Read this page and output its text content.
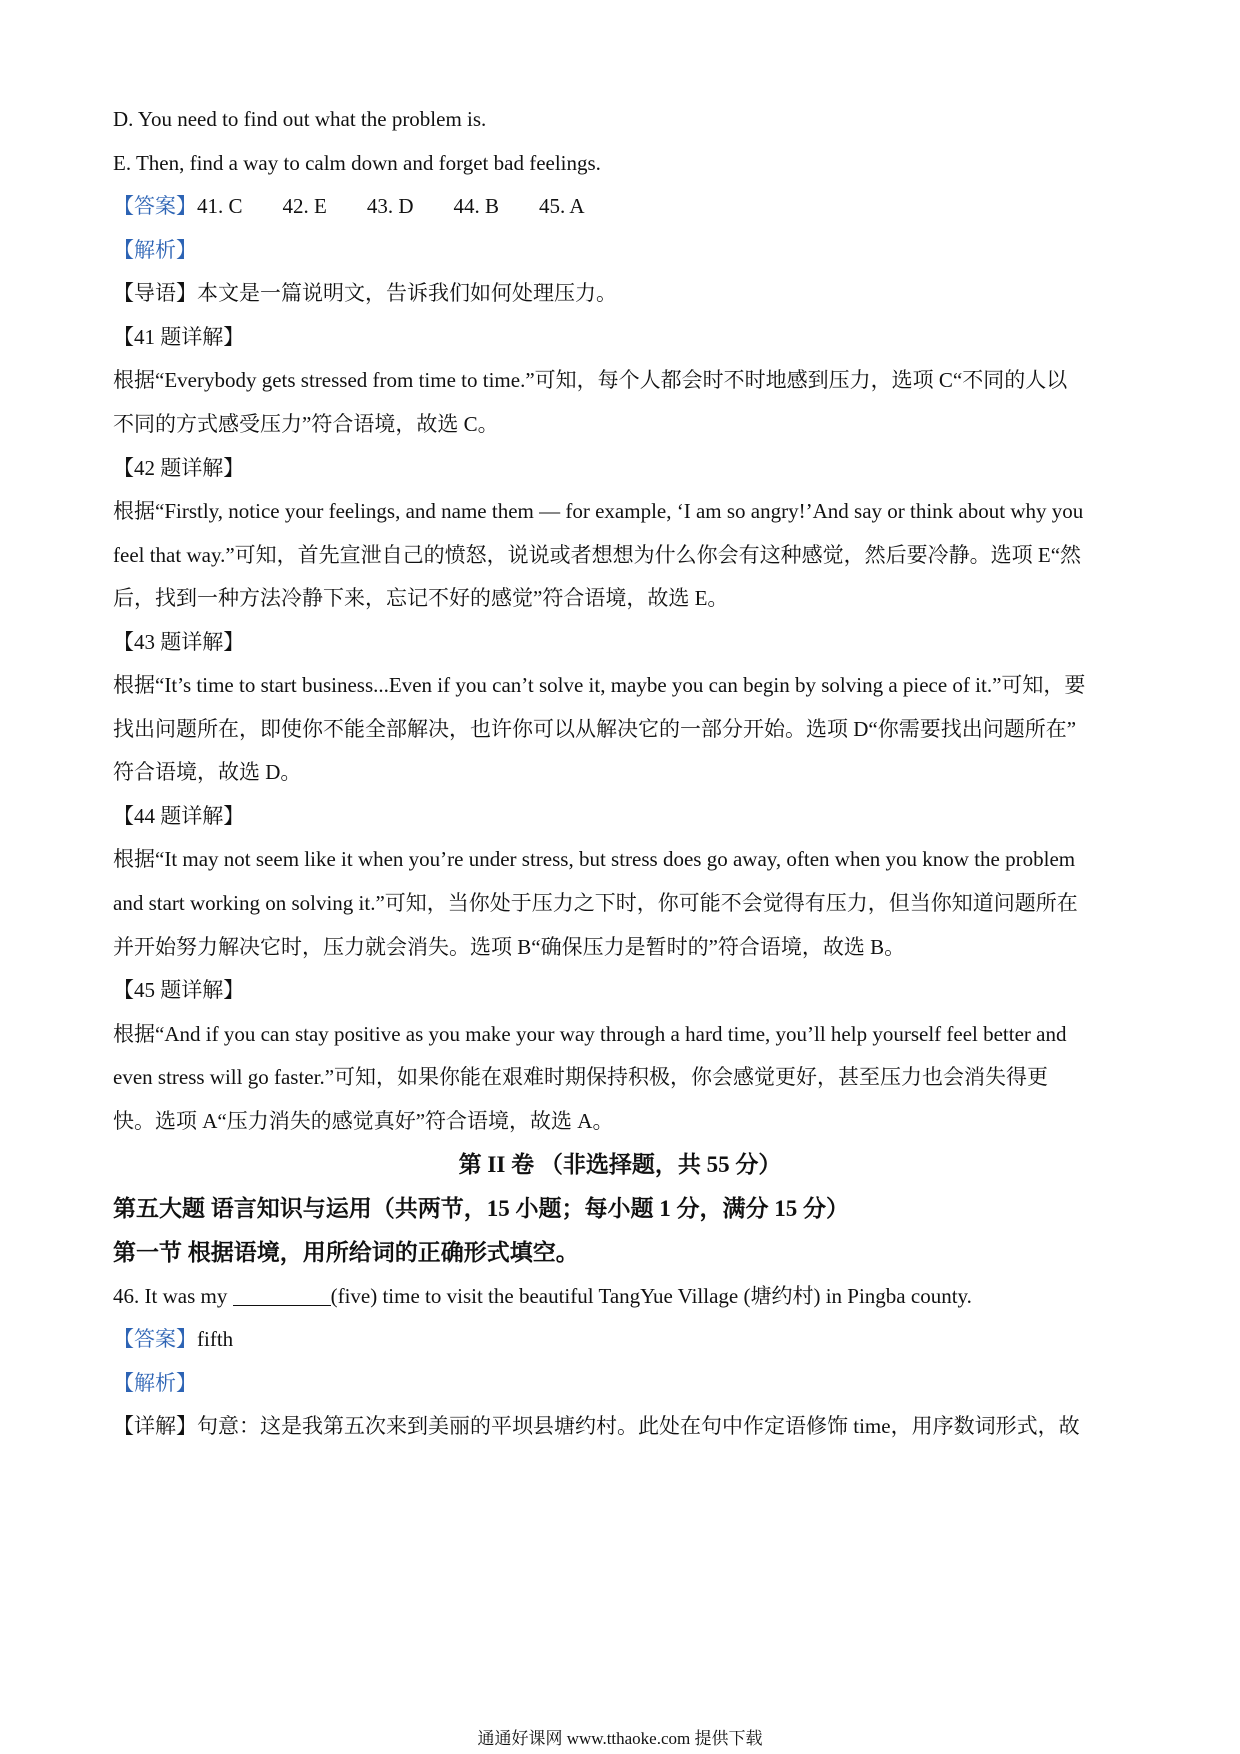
D. You need to find out what the problem is.
E. Then, find a way to calm down and forget bad feelings.
【答案】41. C 42. E 43. D 44. B 45. A
【解析】
【导语】本文是一篇说明文，告诉我们如何处理压力。
【41 题详解】
根据“Everybody gets stressed from time to time.”可知，每个人都会时不时地感到压力，选项 C“不同的人以
不同的方式感受压力”符合语境，故选 C。
【42 题详解】
根据“Firstly, notice your feelings, and name them — for example, ‘I am so angry!’And say or think about why you
feel that way.”可知，首先宣泄自己的愤怒，说说或者想想为什么你会有这种感觉，然后要冷静。选项 E“然
后，找到一种方法冷静下来，忘记不好的感觉”符合语境，故选 E。
【43 题详解】
根据“It’s time to start business...Even if you can’t solve it, maybe you can begin by solving a piece of it.”可知，要
找出问题所在，即使你不能全部解决，也许你可以从解决它的一部分开始。选项 D“你需要找出问题所在”
符合语境，故选 D。
【44 题详解】
根据“It may not seem like it when you’re under stress, but stress does go away, often when you know the problem
and start working on solving it.”可知，当你处于压力之下时，你可能不会觉得有压力，但当你知道问题所在
并开始努力解决它时，压力就会消失。选项 B“确保压力是暂时的”符合语境，故选 B。
【45 题详解】
根据“And if you can stay positive as you make your way through a hard time, you’ll help yourself feel better and
even stress will go faster.”可知，如果你能在艰难时期保持积极，你会感觉更好，甚至压力也会消失得更
快。选项 A“压力消失的感觉真好”符合语境，故选 A。
第 II 卷 （非选择题，共 55 分）
第五大题 语言知识与运用（共两节，15 小题；每小题 1 分，满分 15 分）
第一节 根据语境，用所给词的正确形式填空。
46. It was my	(five) time to visit the beautiful TangYue Village (塘约村) in Pingba county.
【答案】fifth
【解析】
【详解】句意：这是我第五次来到美丽的平坝县塘约村。此处在句中作定语修饰 time，用序数词形式，故
通通好课网 www.tthaoke.com 提供下载
